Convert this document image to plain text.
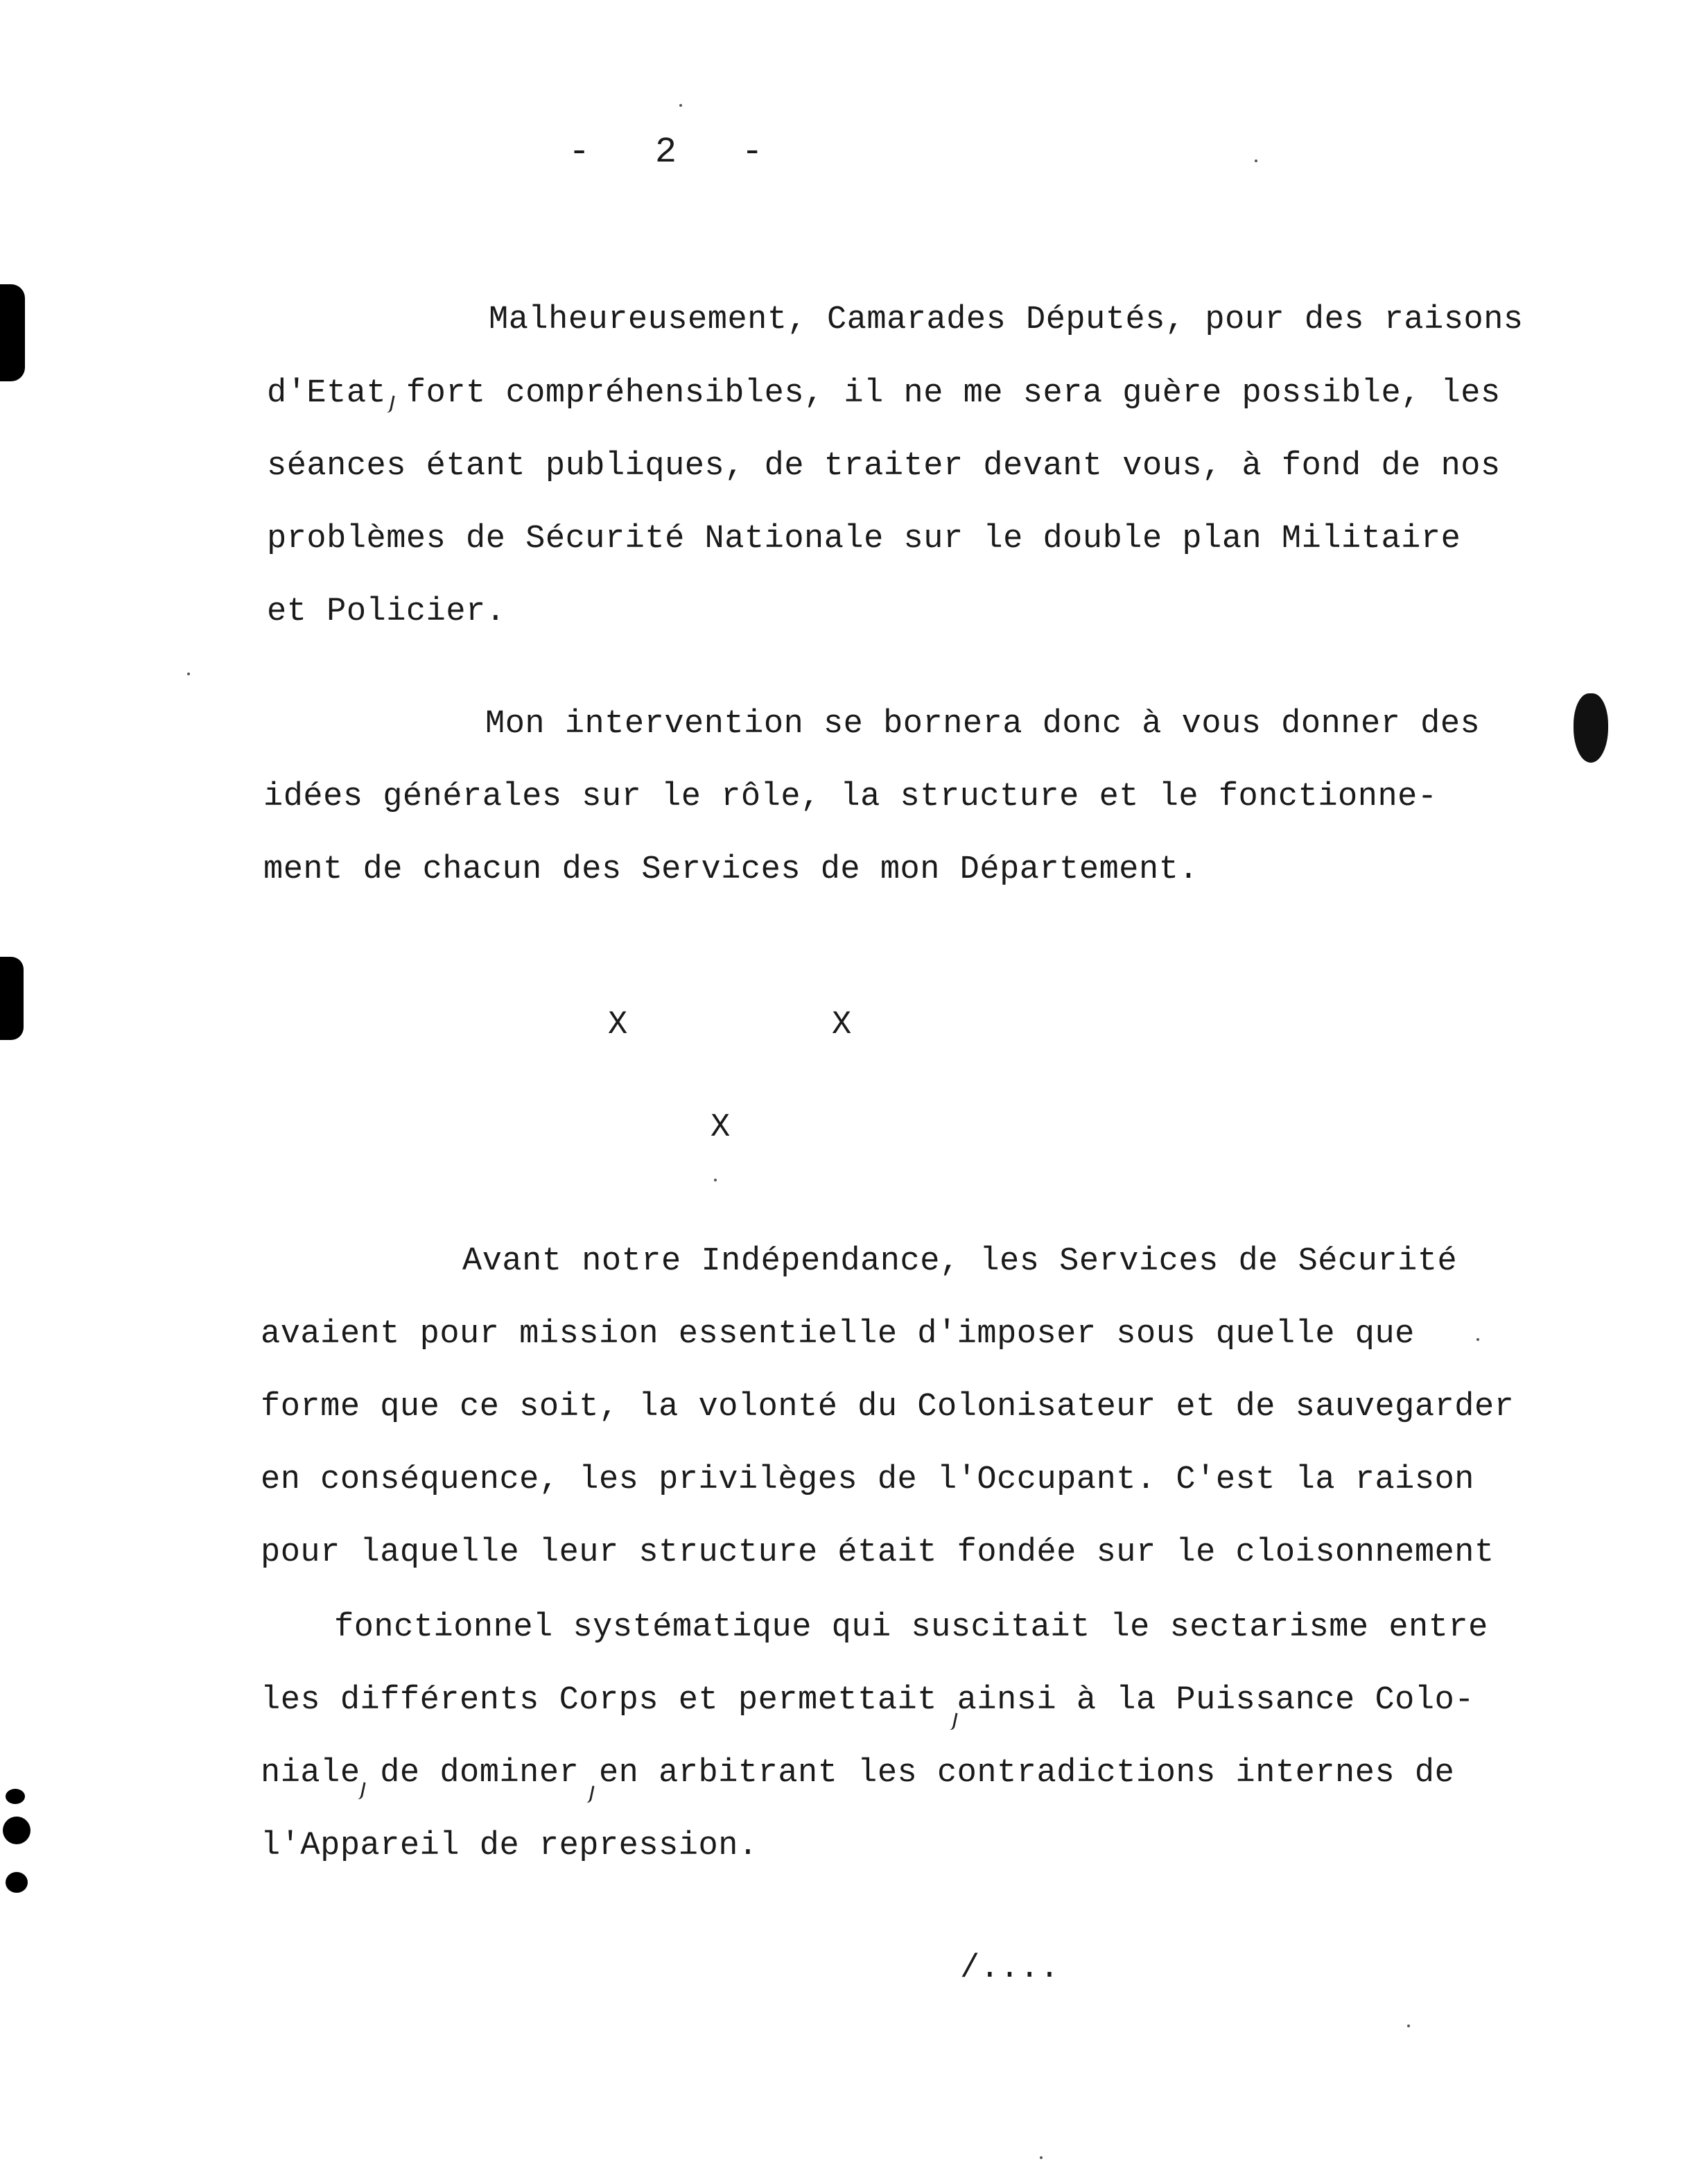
-   2   -
Malheureusement, Camarades Députés, pour des raisons
d'Etat fort compréhensibles, il ne me sera guère possible, les
séances étant publiques, de traiter devant vous, à fond de nos
problèmes de Sécurité Nationale sur le double plan Militaire
et Policier.
Mon intervention se bornera donc à vous donner des
idées générales sur le rôle, la structure et le fonctionne-
ment de chacun des Services de mon Département.
X	X
X
Avant notre Indépendance, les Services de Sécurité
avaient pour mission essentielle d'imposer sous quelle que
forme que ce soit, la volonté du Colonisateur et de sauvegarder
en conséquence, les privilèges de l'Occupant. C'est la raison
pour laquelle leur structure était fondée sur le cloisonnement
fonctionnel systématique qui suscitait le sectarisme entre
les différents Corps et permettait ainsi à la Puissance Colo-
niale de dominer en arbitrant les contradictions internes de
l'Appareil de repression.
/....
